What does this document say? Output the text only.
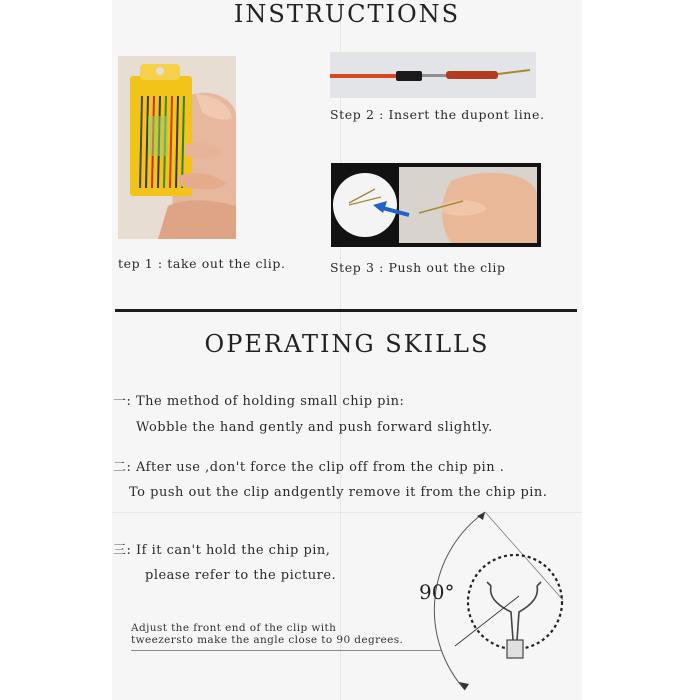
INSTRUCTIONS
Step 2 : Insert the dupont line.
tep 1 : take out the clip.	Step 3 : Push out the clip
OPERATING SKILLS
一: The method of holding small chip pin:
Wobble the hand gently and push forward slightly.
二: After use ,don't force the clip off from the chip pin .
To push out the clip andgently remove it from the chip pin.
三: If it can't hold the chip pin,
please refer to the picture.
Adjust the front end of the clip with
tweezersto make the angle close to 90 degrees.
90°
